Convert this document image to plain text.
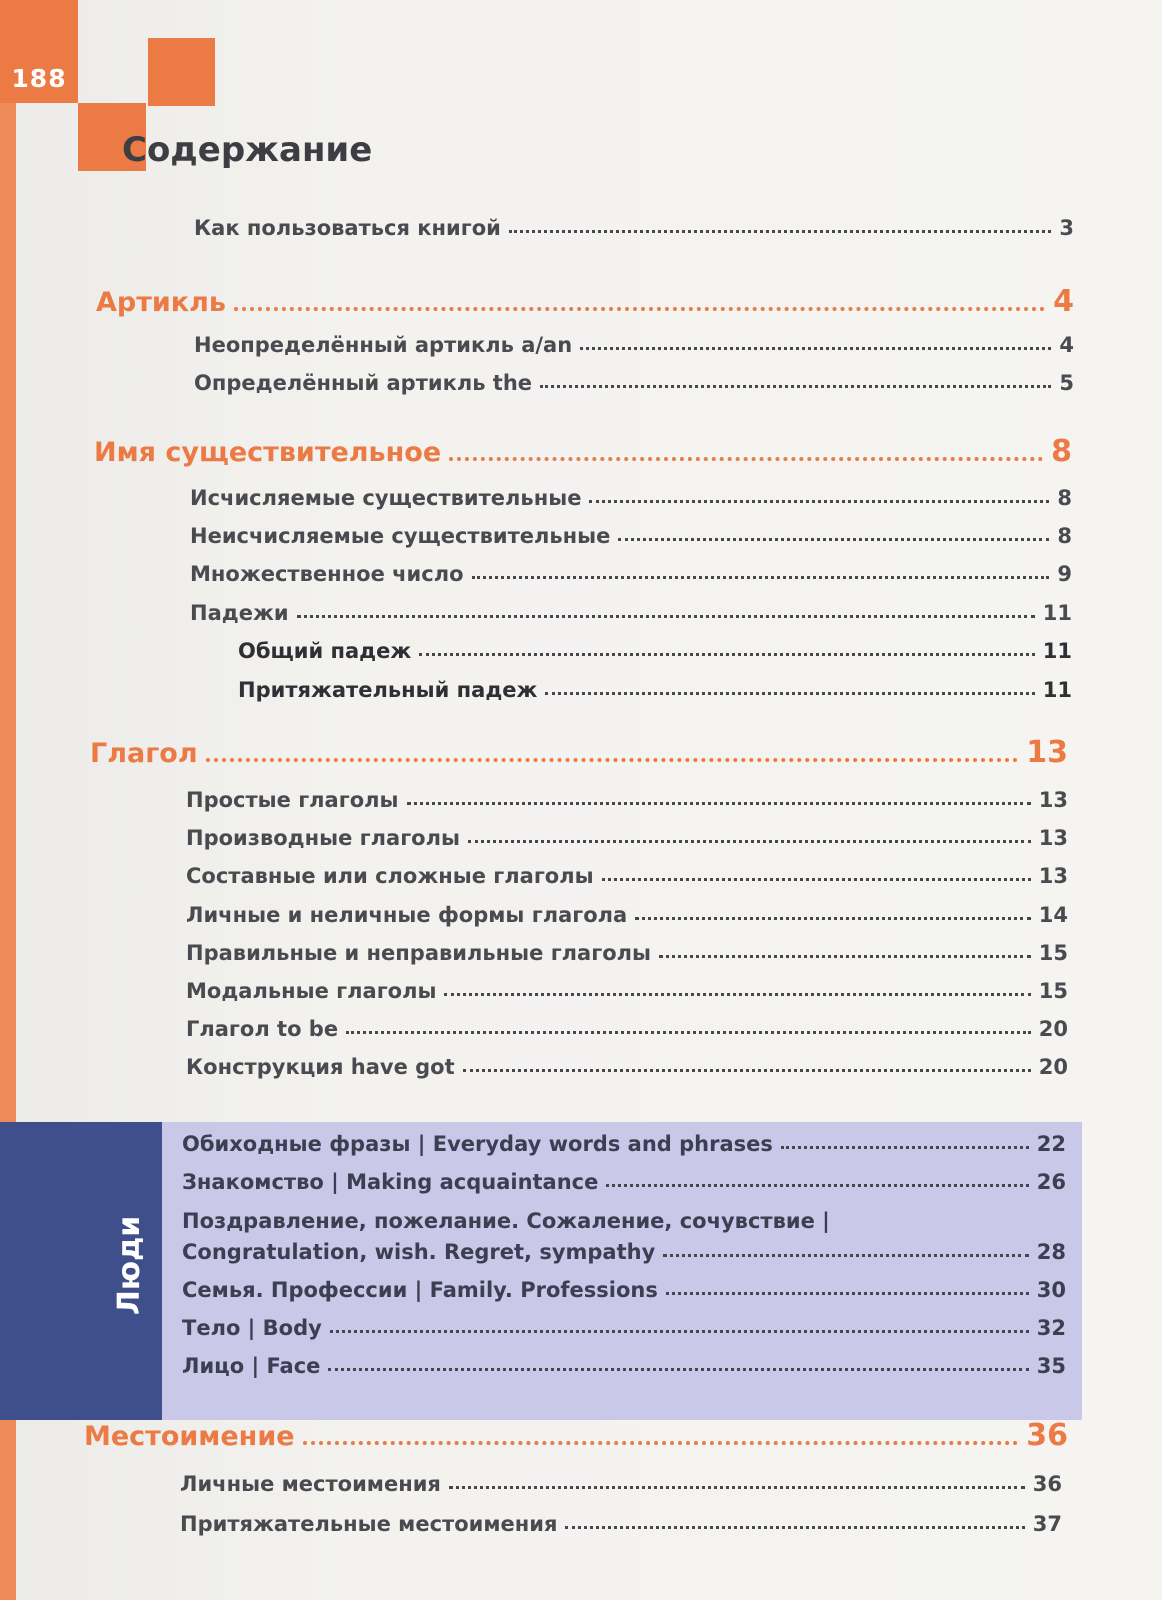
188
Содержание
Как пользоваться книгой	3
Артикль	4
Неопределённый артикль a/an	4
Определённый артикль the	5
Имя существительное	8
Исчисляемые существительные	8
Неисчисляемые существительные	8
Множественное число	9
Падежи	11
Общий падеж	11
Притяжательный падеж	11
Глагол	13
Простые глаголы	13
Производные глаголы	13
Составные или сложные глаголы	13
Личные и неличные формы глагола	14
Правильные и неправильные глаголы	15
Модальные глаголы	15
Глагол to be	20
Конструкция have got	20
Люди
Обиходные фразы | Everyday words and phrases	22
Знакомство | Making acquaintance	26
Поздравление, пожелание. Сожаление, сочувствие |
Congratulation, wish. Regret, sympathy	28
Семья. Профессии | Family. Professions	30
Тело | Body	32
Лицо | Face	35
Местоимение	36
Личные местоимения	36
Притяжательные местоимения	37
